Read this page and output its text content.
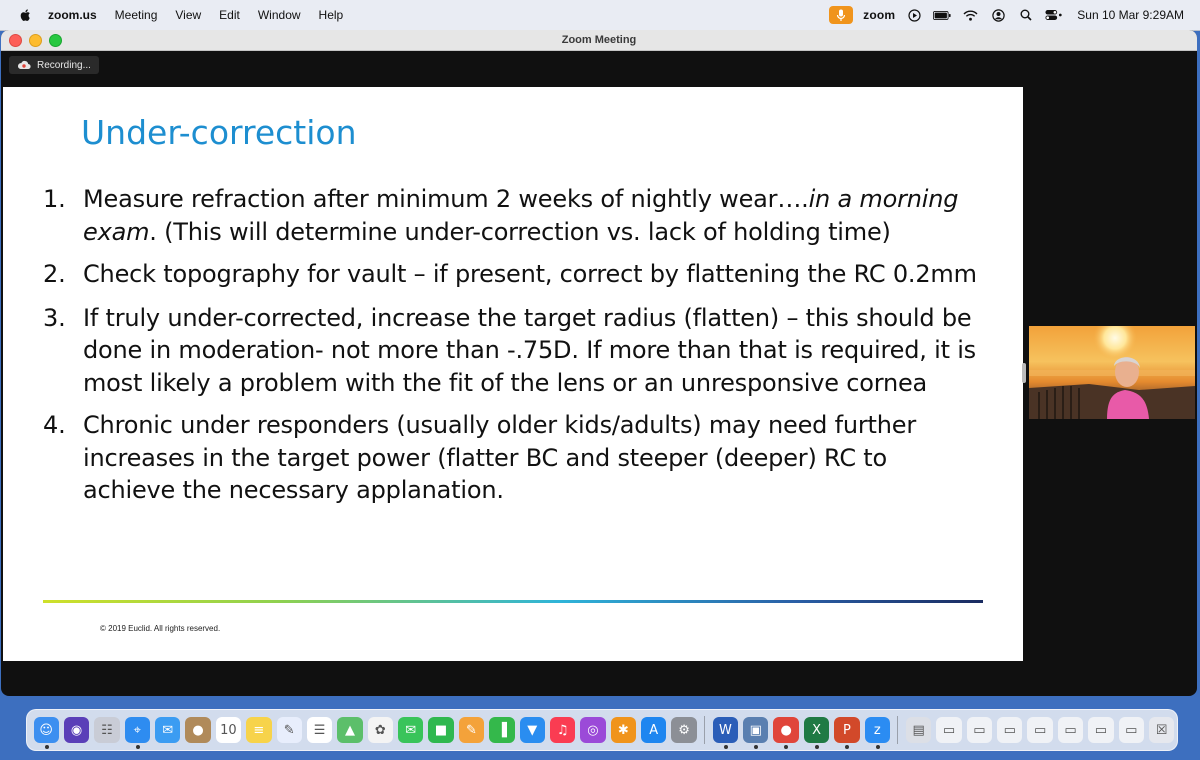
zoom.us Meeting View Edit Window Help	zoom	Sun 10 Mar 9:29AM
Zoom Meeting
Recording...
Under-correction
1. Measure refraction after minimum 2 weeks of nightly wear….in a morning exam. (This will determine under-correction vs. lack of holding time)
2. Check topography for vault – if present, correct by flattening the RC 0.2mm
3. If truly under-corrected, increase the target radius (flatten) – this should be done in moderation- not more than -.75D. If more than that is required, it is most likely a problem with the fit of the lens or an unresponsive cornea
4. Chronic under responders (usually older kids/adults) may need further increases in the target power (flatter BC and steeper (deeper) RC to achieve the necessary applanation.
© 2019 Euclid. All rights reserved.
☺ ◉ ☷ ⌖ ✉ ● 10 ≡ ✎ ☰ ▲ ✿ ✉ ■ ✎ ▐ ▼ ♫ ◎ ✱ A ⚙ W ▣ ● X P z ▤ ▭ ▭ ▭ ▭ ▭ ▭ ▭ ☒
